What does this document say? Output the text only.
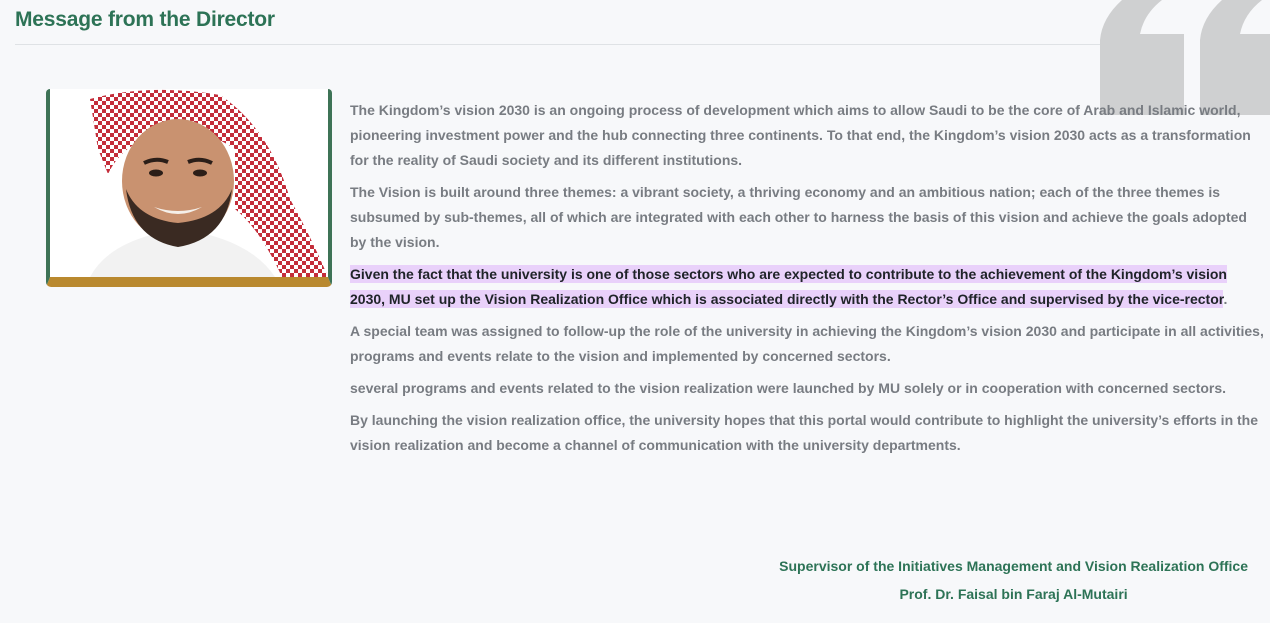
Message from the Director

The Kingdom’s vision 2030 is an ongoing process of development which aims to allow Saudi to be the core of Arab and Islamic world, pioneering investment power and the hub connecting three continents. To that end, the Kingdom’s vision 2030 acts as a transformation for the reality of Saudi society and its different institutions.

The Vision is built around three themes: a vibrant society, a thriving economy and an ambitious nation; each of the three themes is subsumed by sub-themes, all of which are integrated with each other to harness the basis of this vision and achieve the goals adopted by the vision.

Given the fact that the university is one of those sectors who are expected to contribute to the achievement of the Kingdom’s vision 2030, MU set up the Vision Realization Office which is associated directly with the Rector’s Office and supervised by the vice-rector.

A special team was assigned to follow-up the role of the university in achieving the Kingdom’s vision 2030 and participate in all activities, programs and events relate to the vision and implemented by concerned sectors.

several programs and events related to the vision realization were launched by MU solely or in cooperation with concerned sectors.

By launching the vision realization office, the university hopes that this portal would contribute to highlight the university’s efforts in the vision realization and become a channel of communication with the university departments.

Supervisor of the Initiatives Management and Vision Realization Office
Prof. Dr. Faisal bin Faraj Al-Mutairi
